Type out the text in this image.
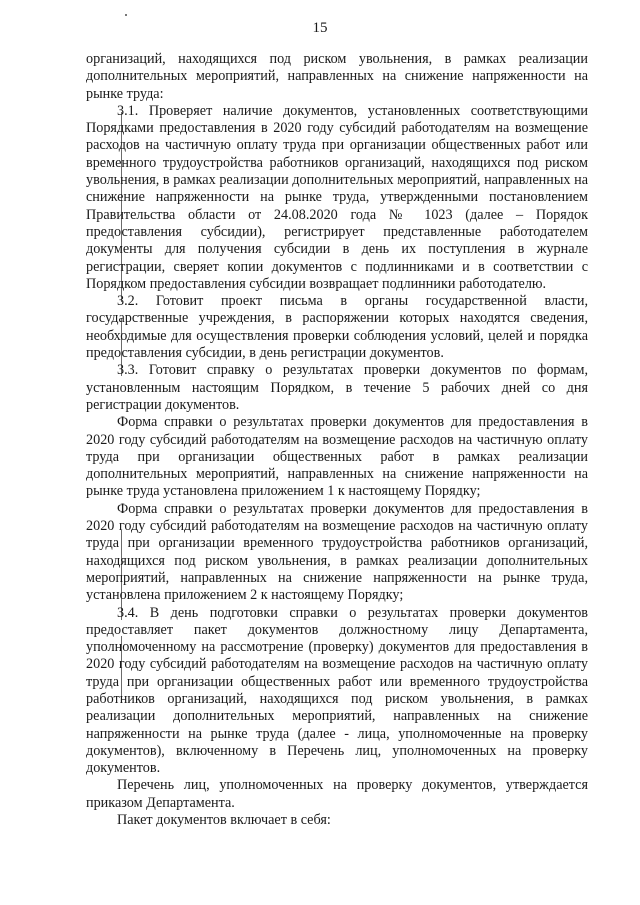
15

организаций, находящихся под риском увольнения, в рамках реализации дополнительных мероприятий, направленных на снижение напряженности на рынке труда:

3.1. Проверяет наличие документов, установленных соответствующими Порядками предоставления в 2020 году субсидий работодателям на возмещение расходов на частичную оплату труда при организации общественных работ или временного трудоустройства работников организаций, находящихся под риском увольнения, в рамках реализации дополнительных мероприятий, направленных на снижение напряженности на рынке труда, утвержденными постановлением Правительства области от 24.08.2020 года № 1023 (далее – Порядок предоставления субсидии), регистрирует представленные работодателем документы для получения субсидии в день их поступления в журнале регистрации, сверяет копии документов с подлинниками и в соответствии с Порядком предоставления субсидии возвращает подлинники работодателю.

3.2. Готовит проект письма в органы государственной власти, государственные учреждения, в распоряжении которых находятся сведения, необходимые для осуществления проверки соблюдения условий, целей и порядка предоставления субсидии, в день регистрации документов.

3.3. Готовит справку о результатах проверки документов по формам, установленным настоящим Порядком, в течение 5 рабочих дней со дня регистрации документов.

Форма справки о результатах проверки документов для предоставления в 2020 году субсидий работодателям на возмещение расходов на частичную оплату труда при организации общественных работ в рамках реализации дополнительных мероприятий, направленных на снижение напряженности на рынке труда установлена приложением 1 к настоящему Порядку;

Форма справки о результатах проверки документов для предоставления в 2020 году субсидий работодателям на возмещение расходов на частичную оплату труда при организации временного трудоустройства работников организаций, находящихся под риском увольнения, в рамках реализации дополнительных мероприятий, направленных на снижение напряженности на рынке труда, установлена приложением 2 к настоящему Порядку;

3.4. В день подготовки справки о результатах проверки документов предоставляет пакет документов должностному лицу Департамента, уполномоченному на рассмотрение (проверку) документов для предоставления в 2020 году субсидий работодателям на возмещение расходов на частичную оплату труда при организации общественных работ или временного трудоустройства работников организаций, находящихся под риском увольнения, в рамках реализации дополнительных мероприятий, направленных на снижение напряженности на рынке труда (далее - лица, уполномоченные на проверку документов), включенному в Перечень лиц, уполномоченных на проверку документов.

Перечень лиц, уполномоченных на проверку документов, утверждается приказом Департамента.

Пакет документов включает в себя:
